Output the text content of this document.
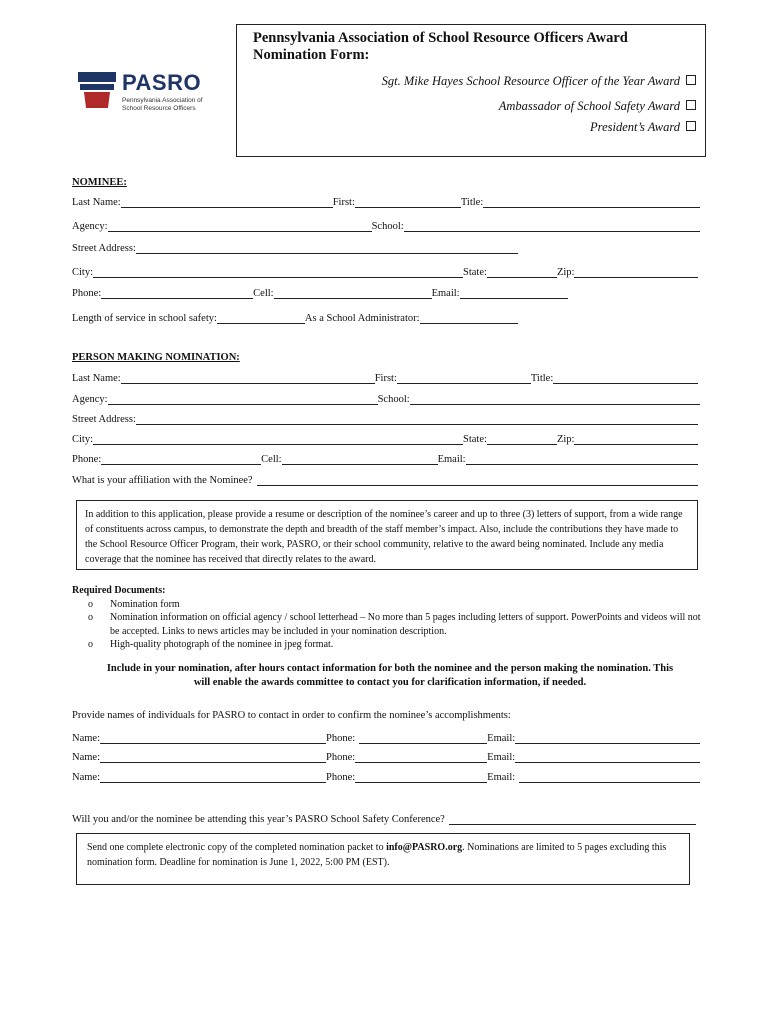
PASRO
Pennsylvania Association of
School Resource Officers
Pennsylvania Association of School Resource Officers Award
Nomination Form:
Sgt. Mike Hayes School Resource Officer of the Year Award
Ambassador of School Safety Award
President’s Award
NOMINEE:
Last Name:	First:	Title:
Agency:	School:
Street Address:
City:	State:	Zip:
Phone:	Cell:	Email:
Length of service in school safety:	As a School Administrator:
PERSON MAKING NOMINATION:
Last Name:	First:	Title:
Agency:	School:
Street Address:
City:	State:	Zip:
Phone:	Cell:	Email:
What is your affiliation with the Nominee?
In addition to this application, please provide a resume or description of the nominee’s career and up to three (3) letters of support, from a wide range of constituents across campus, to demonstrate the depth and breadth of the staff member’s impact. Also, include the contributions they have made to the School Resource Officer Program, their work, PASRO, or their school community, relative to the award being nominated. Include any media coverage that the nominee has received that directly relates to the award.
Required Documents:
o Nomination form
o Nomination information on official agency / school letterhead – No more than 5 pages including letters of support. PowerPoints and videos will not be accepted. Links to news articles may be included in your nomination description.
o High-quality photograph of the nominee in jpeg format.
Include in your nomination, after hours contact information for both the nominee and the person making the nomination. This
will enable the awards committee to contact you for clarification information, if needed.
Provide names of individuals for PASRO to contact in order to confirm the nominee’s accomplishments:
Name:	Phone:	Email:
Name:	Phone:	Email:
Name:	Phone:	Email:
Will you and/or the nominee be attending this year’s PASRO School Safety Conference?
Send one complete electronic copy of the completed nomination packet to info@PASRO.org. Nominations are limited to 5 pages excluding this nomination form. Deadline for nomination is June 1, 2022, 5:00 PM (EST).
